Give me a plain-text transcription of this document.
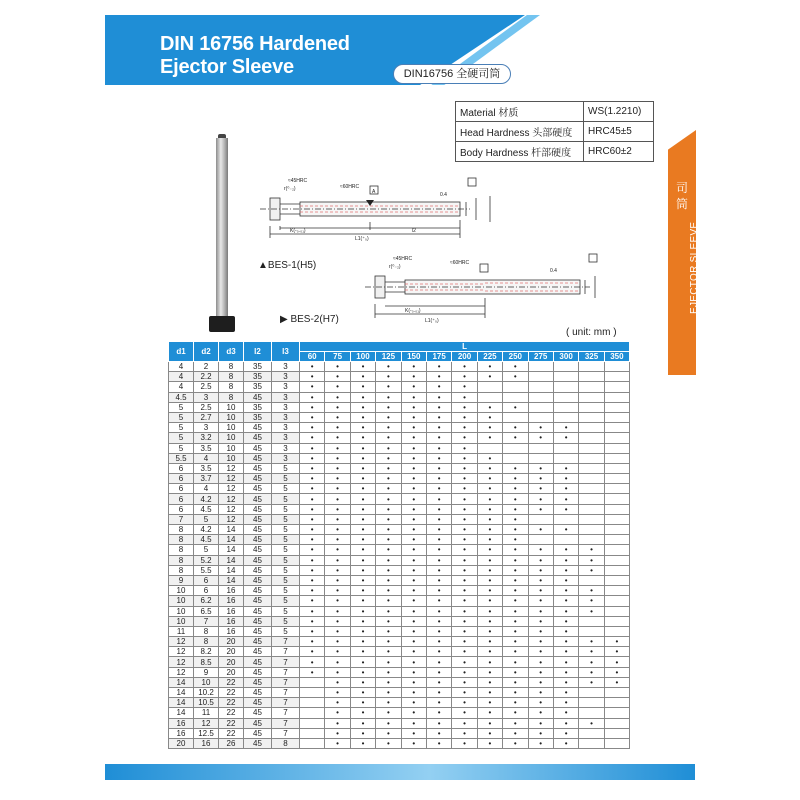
DIN 16756 Hardened
Ejector Sleeve	DIN16756 全硬司筒
Material 材质	WS(1.2210)
Head Hardness 头部硬度	HRC45±5
Body Hardness 杆部硬度	HRC60±2
司筒
EJECTOR SLEEVE
≈45HRC
≈60HRC
r(⁰₋₂)
K(-₀.₀₁)
L1(⁺₀)
l2
0.4
A
▲BES-1(H5)
≈45HRC
≈60HRC
r(⁰₋₂)
K(-₀.₀₁)
L1(⁺₀)
0.4
▶ BES-2(H7)
( unit: mm )
d1	d2	d3	l2	l3	L												
					60	75	100	125	150	175	200	225	250	275	300	325	350
4	2	8	35	3	•	•	•	•	•	•	•	•	•				
4	2.2	8	35	3	•	•	•	•	•	•	•	•	•				
4	2.5	8	35	3	•	•	•	•	•	•	•						
4.5	3	8	45	3	•	•	•	•	•	•	•						
5	2.5	10	35	3	•	•	•	•	•	•	•	•	•				
5	2.7	10	35	3	•	•	•	•	•	•	•	•					
5	3	10	45	3	•	•	•	•	•	•	•	•	•	•	•		
5	3.2	10	45	3	•	•	•	•	•	•	•	•	•	•	•		
5	3.5	10	45	3	•	•	•	•	•	•	•						
5.5	4	10	45	3	•	•	•	•	•	•	•	•					
6	3.5	12	45	5	•	•	•	•	•	•	•	•	•	•	•		
6	3.7	12	45	5	•	•	•	•	•	•	•	•	•	•	•		
6	4	12	45	5	•	•	•	•	•	•	•	•	•	•	•		
6	4.2	12	45	5	•	•	•	•	•	•	•	•	•	•	•		
6	4.5	12	45	5	•	•	•	•	•	•	•	•	•	•	•		
7	5	12	45	5	•	•	•	•	•	•	•	•	•				
8	4.2	14	45	5	•	•	•	•	•	•	•	•	•	•	•		
8	4.5	14	45	5	•	•	•	•	•	•	•	•	•				
8	5	14	45	5	•	•	•	•	•	•	•	•	•	•	•	•	
8	5.2	14	45	5	•	•	•	•	•	•	•	•	•	•	•	•	
8	5.5	14	45	5	•	•	•	•	•	•	•	•	•	•	•	•	
9	6	14	45	5	•	•	•	•	•	•	•	•	•	•	•		
10	6	16	45	5	•	•	•	•	•	•	•	•	•	•	•	•	
10	6.2	16	45	5	•	•	•	•	•	•	•	•	•	•	•	•	
10	6.5	16	45	5	•	•	•	•	•	•	•	•	•	•	•	•	
10	7	16	45	5	•	•	•	•	•	•	•	•	•	•	•		
11	8	16	45	5	•	•	•	•	•	•	•	•	•	•	•		
12	8	20	45	7	•	•	•	•	•	•	•	•	•	•	•	•	•
12	8.2	20	45	7	•	•	•	•	•	•	•	•	•	•	•	•	•
12	8.5	20	45	7	•	•	•	•	•	•	•	•	•	•	•	•	•
12	9	20	45	7	•	•	•	•	•	•	•	•	•	•	•	•	•
14	10	22	45	7		•	•	•	•	•	•	•	•	•	•	•	•
14	10.2	22	45	7		•	•	•	•	•	•	•	•	•	•		
14	10.5	22	45	7		•	•	•	•	•	•	•	•	•	•		
14	11	22	45	7		•	•	•	•	•	•	•	•	•	•		
16	12	22	45	7		•	•	•	•	•	•	•	•	•	•	•	
16	12.5	22	45	7		•	•	•	•	•	•	•	•	•	•		
20	16	26	45	8		•	•	•	•	•	•	•	•	•	•		
